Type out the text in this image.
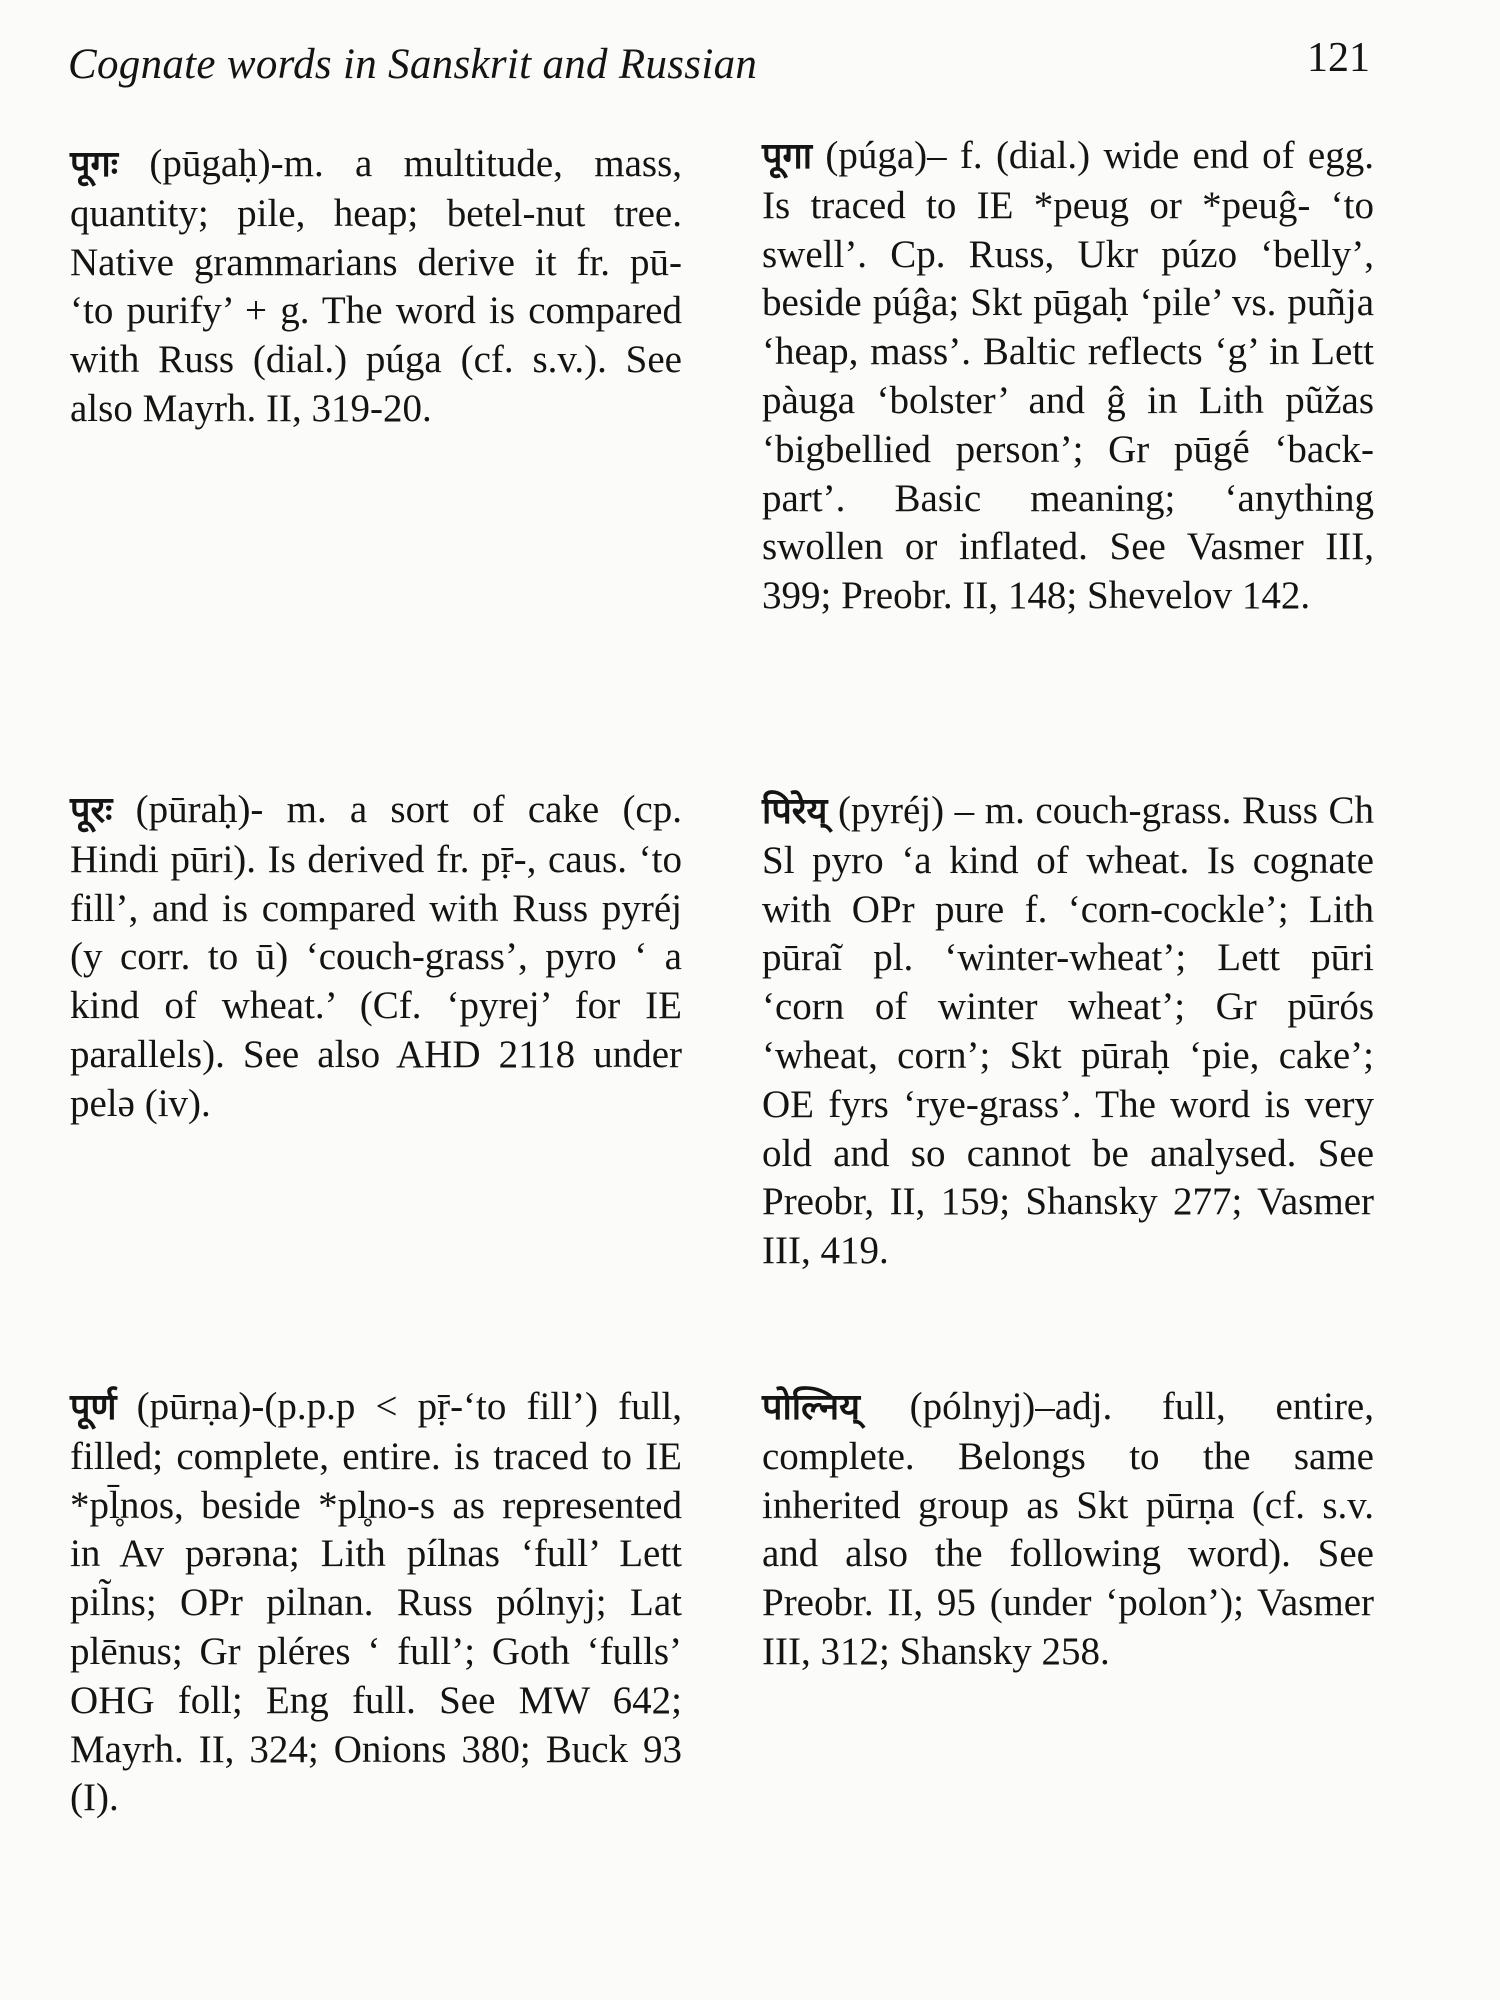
Cognate words in Sanskrit and Russian	121

पूगः (pūgaḥ)-m. a multitude, mass, quantity; pile, heap; betel-nut tree. Native grammarians derive it fr. pū- ‘to purify’ + g. The word is compared with Russ (dial.) púga (cf. s.v.). See also Mayrh. II, 319-20.

पूरः (pūraḥ)- m. a sort of cake (cp. Hindi pūri). Is derived fr. pṝ-, caus. ‘to fill’, and is compared with Russ pyréj (y corr. to ū) ‘couch-grass’, pyro ‘ a kind of wheat.’ (Cf. ‘pyrej’ for IE parallels). See also AHD 2118 under pelə (iv).

पूर्ण (pūrṇa)-(p.p.p < pṝ-‘to fill’) full, filled; complete, entire. is traced to IE *pl̥̄nos, beside *pl̥no-s as represented in Av pərəna; Lith pílnas ‘full’ Lett pil̃ns; OPr pilnan. Russ pólnyj; Lat plēnus; Gr pléres ‘ full’; Goth ‘fulls’ OHG foll; Eng full. See MW 642; Mayrh. II, 324; Onions 380; Buck 93 (I).

पूगा (púga)– f. (dial.) wide end of egg. Is traced to IE *peug or *peuĝ- ‘to swell’. Cp. Russ, Ukr púzo ‘belly’, beside púĝa; Skt pūgaḥ ‘pile’ vs. puñja ‘heap, mass’. Baltic reflects ‘g’ in Lett pàuga ‘bolster’ and ĝ in Lith pũžas ‘bigbellied person’; Gr pūgḗ ‘back-part’. Basic meaning; ‘anything swollen or inflated. See Vasmer III, 399; Preobr. II, 148; Shevelov 142.

पिरेय् (pyréj) – m. couch-grass. Russ Ch Sl pyro ‘a kind of wheat. Is cognate with OPr pure f. ‘corn-cockle’; Lith pūraĩ pl. ‘winter-wheat’; Lett pūri ‘corn of winter wheat’; Gr pūrós ‘wheat, corn’; Skt pūraḥ ‘pie, cake’; OE fyrs ‘rye-grass’. The word is very old and so cannot be analysed. See Preobr, II, 159; Shansky 277; Vasmer III, 419.

पोल्निय् (pólnyj)–adj. full, entire, complete. Belongs to the same inherited group as Skt pūrṇa (cf. s.v. and also the following word). See Preobr. II, 95 (under ‘polon’); Vasmer III, 312; Shansky 258.
